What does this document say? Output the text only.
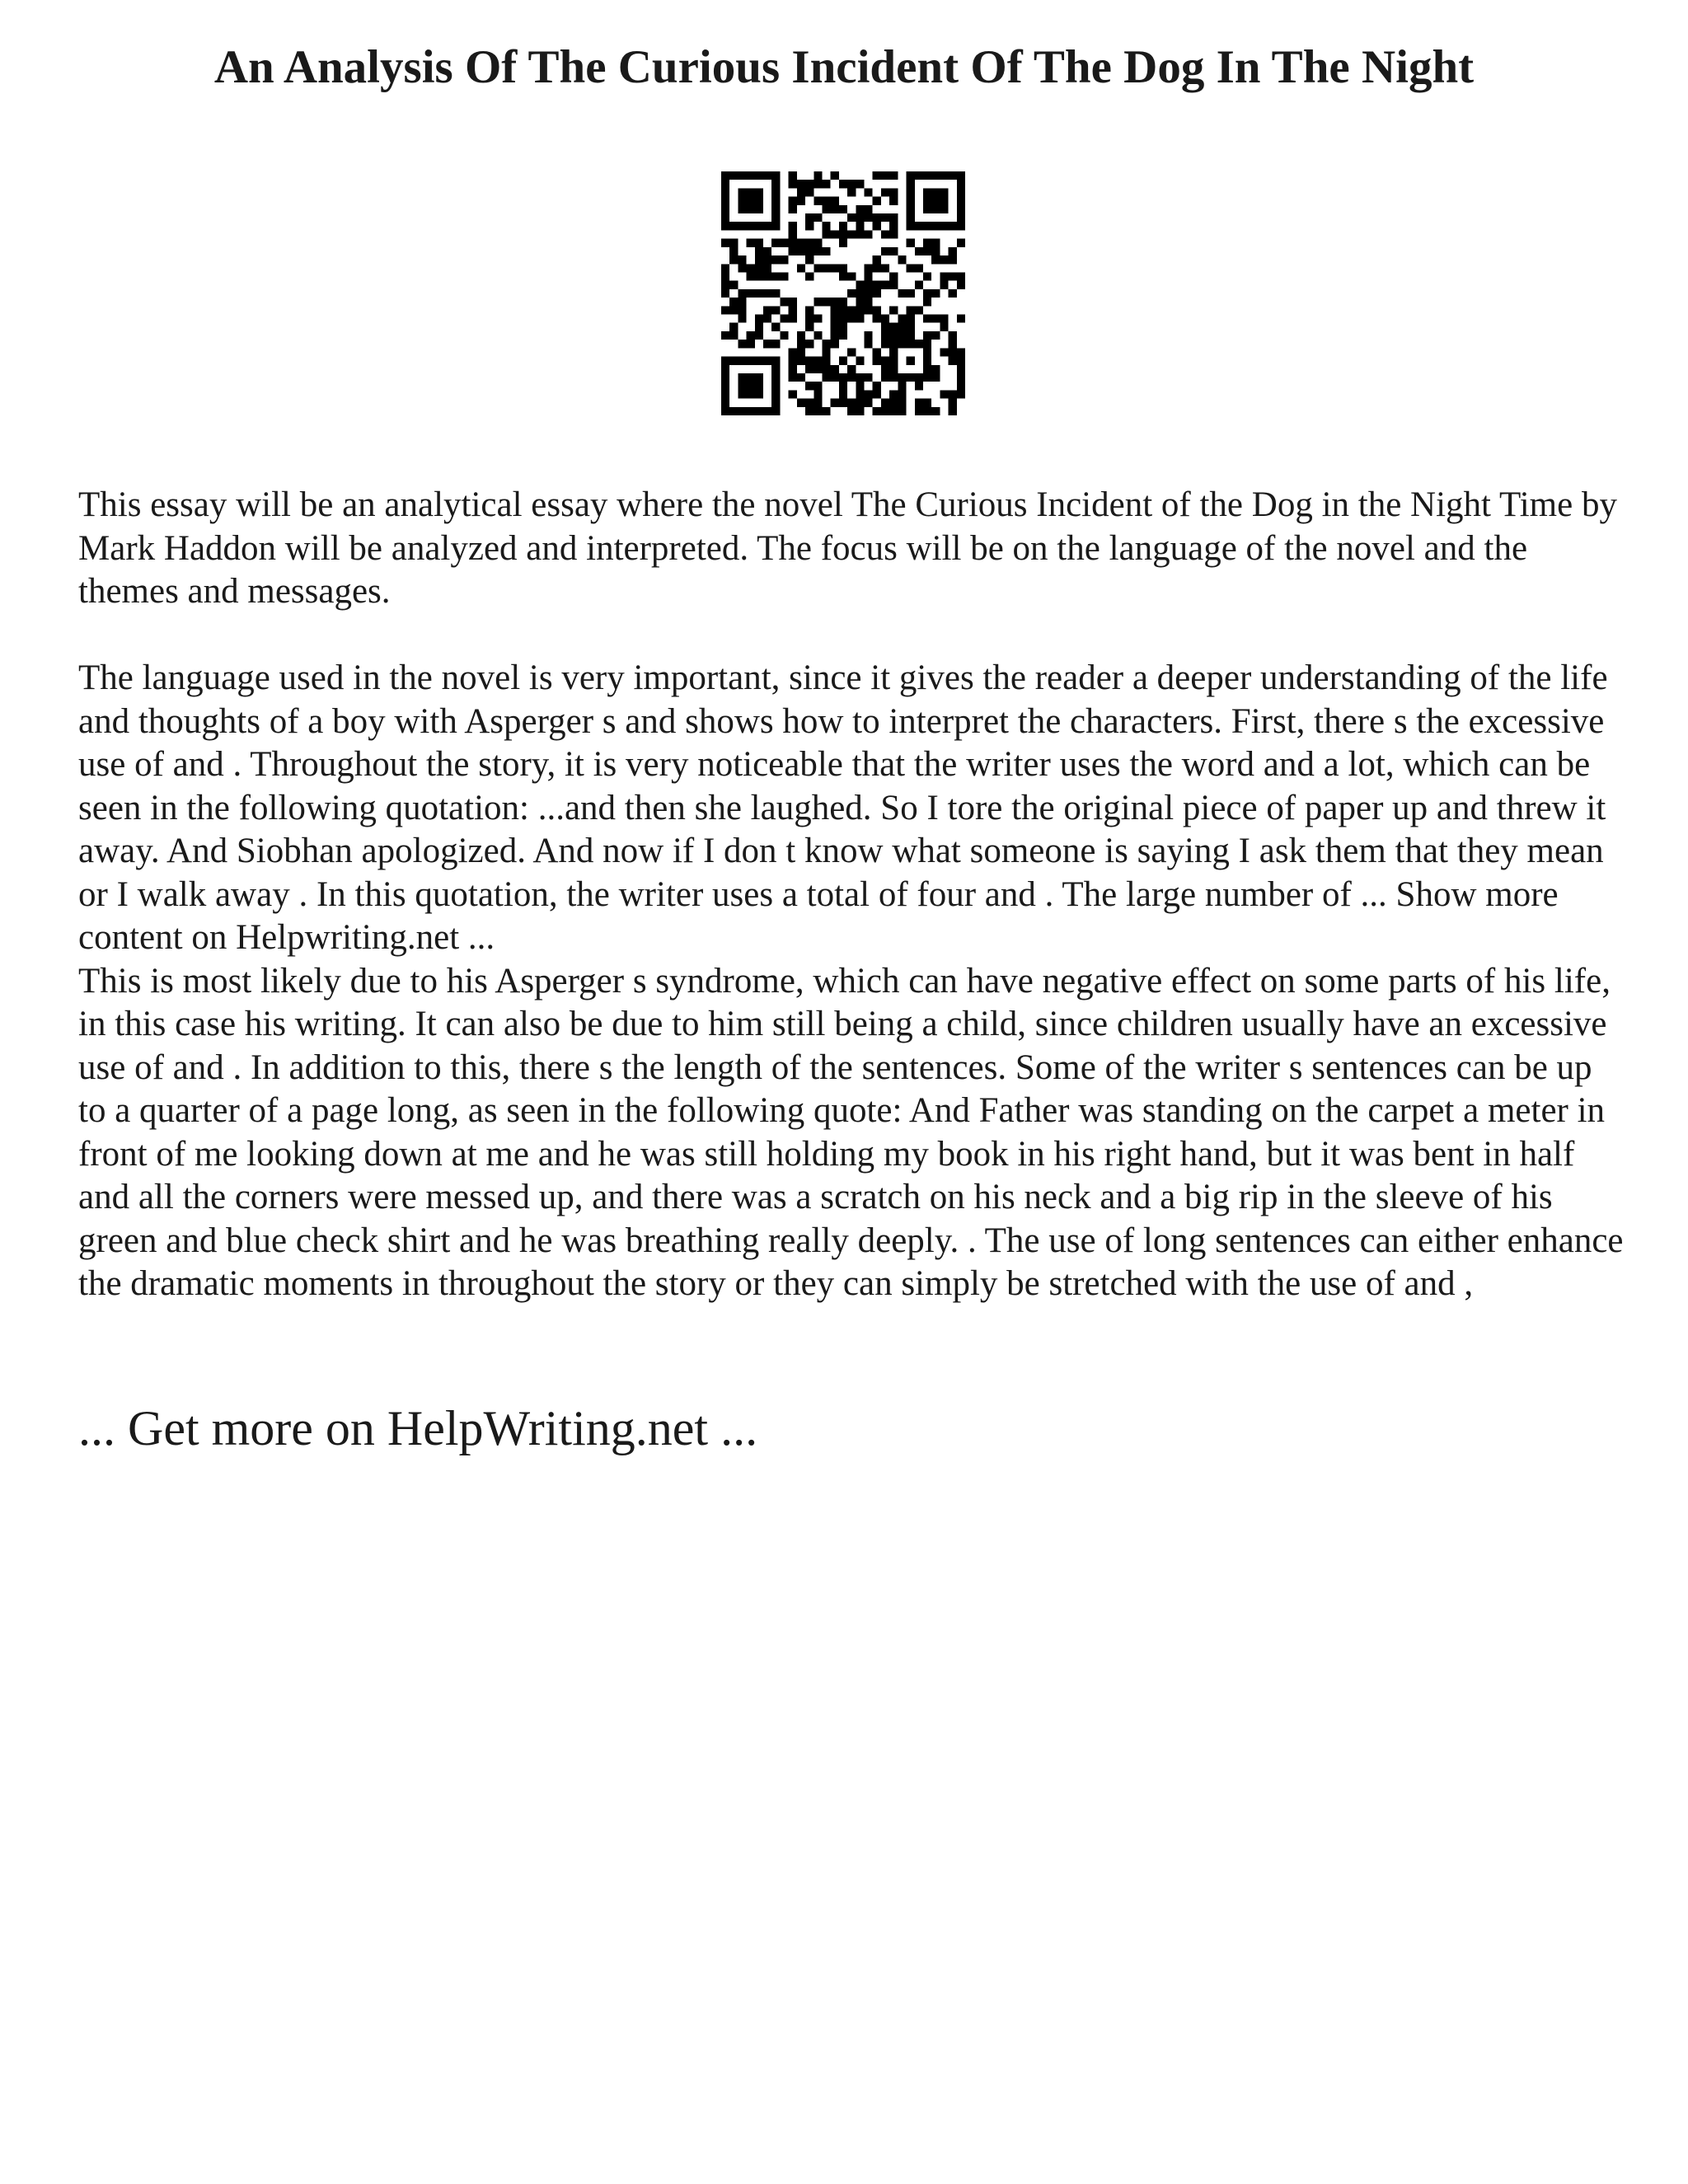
An Analysis Of The Curious Incident Of The Dog In The Night

This essay will be an analytical essay where the novel The Curious Incident of the Dog in the Night Time by Mark Haddon will be analyzed and interpreted. The focus will be on the language of the novel and the themes and messages.

The language used in the novel is very important, since it gives the reader a deeper understanding of the life and thoughts of a boy with Asperger s and shows how to interpret the characters. First, there s the excessive use of and . Throughout the story, it is very noticeable that the writer uses the word and a lot, which can be seen in the following quotation: ...and then she laughed. So I tore the original piece of paper up and threw it away. And Siobhan apologized. And now if I don t know what someone is saying I ask them that they mean or I walk away . In this quotation, the writer uses a total of four and . The large number of ... Show more content on Helpwriting.net ...

This is most likely due to his Asperger s syndrome, which can have negative effect on some parts of his life, in this case his writing. It can also be due to him still being a child, since children usually have an excessive use of and . In addition to this, there s the length of the sentences. Some of the writer s sentences can be up to a quarter of a page long, as seen in the following quote: And Father was standing on the carpet a meter in front of me looking down at me and he was still holding my book in his right hand, but it was bent in half and all the corners were messed up, and there was a scratch on his neck and a big rip in the sleeve of his green and blue check shirt and he was breathing really deeply. . The use of long sentences can either enhance the dramatic moments in throughout the story or they can simply be stretched with the use of and ,

... Get more on HelpWriting.net ...
